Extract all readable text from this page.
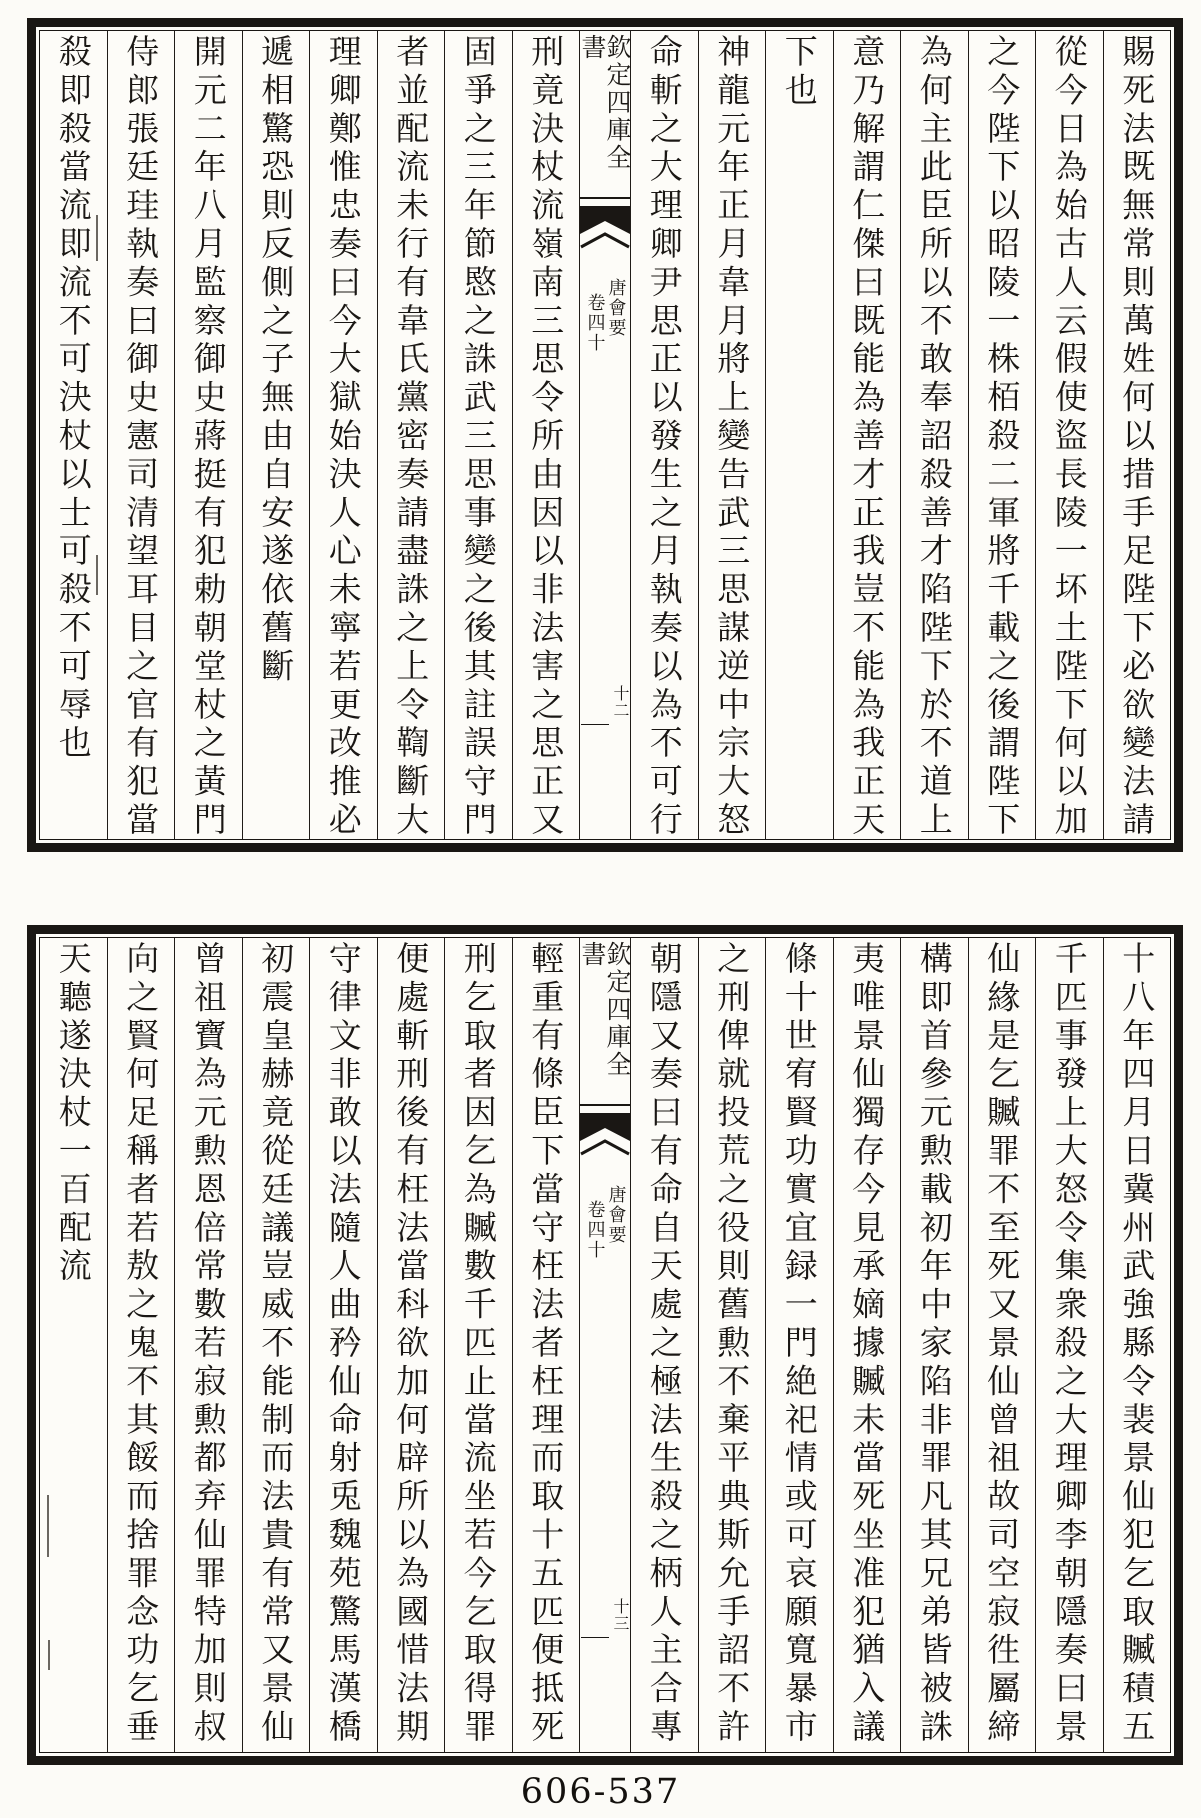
賜死法既無常則萬姓何以措手足陛下必欲變法請
從今日為始古人云假使盜長陵一坏土陛下何以加
之今陛下以昭陵一株栢殺二軍將千載之後謂陛下
為何主此臣所以不敢奉詔殺善才陷陛下於不道上
意乃解謂仁傑曰既能為善才正我豈不能為我正天
下也
神龍元年正月韋月將上變告武三思謀逆中宗大怒
命斬之大理卿尹思正以發生之月執奏以為不可行
欽定四庫全書
唐會要
卷四十
十二
刑竟決杖流嶺南三思令所由因以非法害之思正又
固爭之三年節愍之誅武三思事變之後其註誤守門
者並配流未行有韋氏黨密奏請盡誅之上令鞫斷大
理卿鄭惟忠奏曰今大獄始決人心未寧若更改推必
遞相驚恐則反側之子無由自安遂依舊斷
開元二年八月監察御史蔣挺有犯勅朝堂杖之黃門
侍郎張廷珪執奏曰御史憲司清望耳目之官有犯當
殺即殺當流即流不可決杖以士可殺不可辱也
十八年四月日冀州武強縣令裴景仙犯乞取贓積五
千匹事發上大怒令集衆殺之大理卿李朝隱奏曰景
仙緣是乞贓罪不至死又景仙曾祖故司空寂徃屬締
構即首參元勲載初年中家陷非罪凡其兄弟皆被誅
夷唯景仙獨存今見承嫡據贓未當死坐准犯猶入議
條十世宥賢功實宜録一門絶祀情或可哀願寬暴市
之刑俾就投荒之役則舊勲不棄平典斯允手詔不許
朝隱又奏曰有命自天處之極法生殺之柄人主合專
欽定四庫全書
唐會要
卷四十
十三
輕重有條臣下當守枉法者枉理而取十五匹便抵死
刑乞取者因乞為贓數千匹止當流坐若今乞取得罪
便處斬刑後有枉法當科欲加何辟所以為國惜法期
守律文非敢以法隨人曲矜仙命射兎魏苑驚馬漢橋
初震皇赫竟從廷議豈威不能制而法貴有常又景仙
曾祖寶為元勲恩倍常數若寂勲都弃仙罪特加則叔
向之賢何足稱者若敖之鬼不其餒而捨罪念功乞垂
天聽遂決杖一百配流
606-537
